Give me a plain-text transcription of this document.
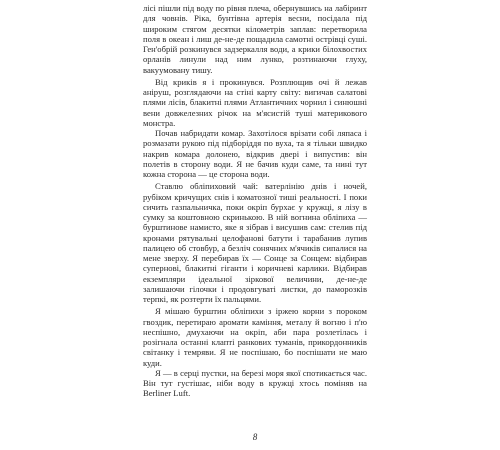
лісі пішли під воду по рівня плеча, обернувшись на лабіринт для човнів. Ріка, бунтівна артерія весни, посідала під широким стягом десятки кілометрів заплав: перетворила поля в океан і лиш де-не-де пощадила самотні острівці суші. Ген'обрій розкинувся задзеркалля води, а крики білохвостих орланів линули над ним лунко, розтинаючи глуху, вакуумовану тишу.

Від криків я і прокинувся. Розплющив очі й лежав аніруш, розглядаючи на стіні карту світу: вигичав салатові плями лісів, блакитні плями Атлантичних чорнил і синюшні вени довжелезних річок на м'ясистій туші материкового монстра.

Почав набридати комар. Захотілося врізати собі ляпаса і розмазати рукою під підборіддя по вуха, та я тільки швидко накрив комара долонею, відкрив двері і випустив: він полетів в сторону води. Я не бачив куди саме, та нині тут кожна сторона — це сторона води.

Ставлю обліпиховий чай: ватерлінію днів і ночей, рубіком кричущих снів і коматозної тиші реальності. І поки сичить газпальничка, поки окріп бурхає у кружці, я лізу в сумку за коштовною скринькою. В ній вогнина обліпиха — бурштинове намисто, яке я зібрав і висушив сам: стелив під кронами рятувальні целофанові батути і тарабанив лупив палицею об стовбур, а безліч сонячних м'ячиків сипалися на мене зверху. Я перебирав їх — Сонце за Сонцем: відбирав суперновi, блакитні гіганти і коричневі карлики. Відбирав екземпляри ідеальної зіркової величини, де-не-де залишаючи гілочки і продовгуваті листки, до паморозків терпкі, як розтерти їх пальцями.

Я мішаю бурштин обліпихи з іржею корни з пороком гвоздик, перетираю аромати каміння, металу й вогню і п'ю неспішно, дмухаючи на окріп, аби пара розлетілась і розігнала останні клапті ранкових туманів, прикордонників світанку і темряви. Я не поспішаю, бо поспішати не маю куди.

Я — в серці пустки, на березі моря якої спотикається час. Він тут густішає, ніби воду в кружці хтось поміняв на Berliner Luft.

8
